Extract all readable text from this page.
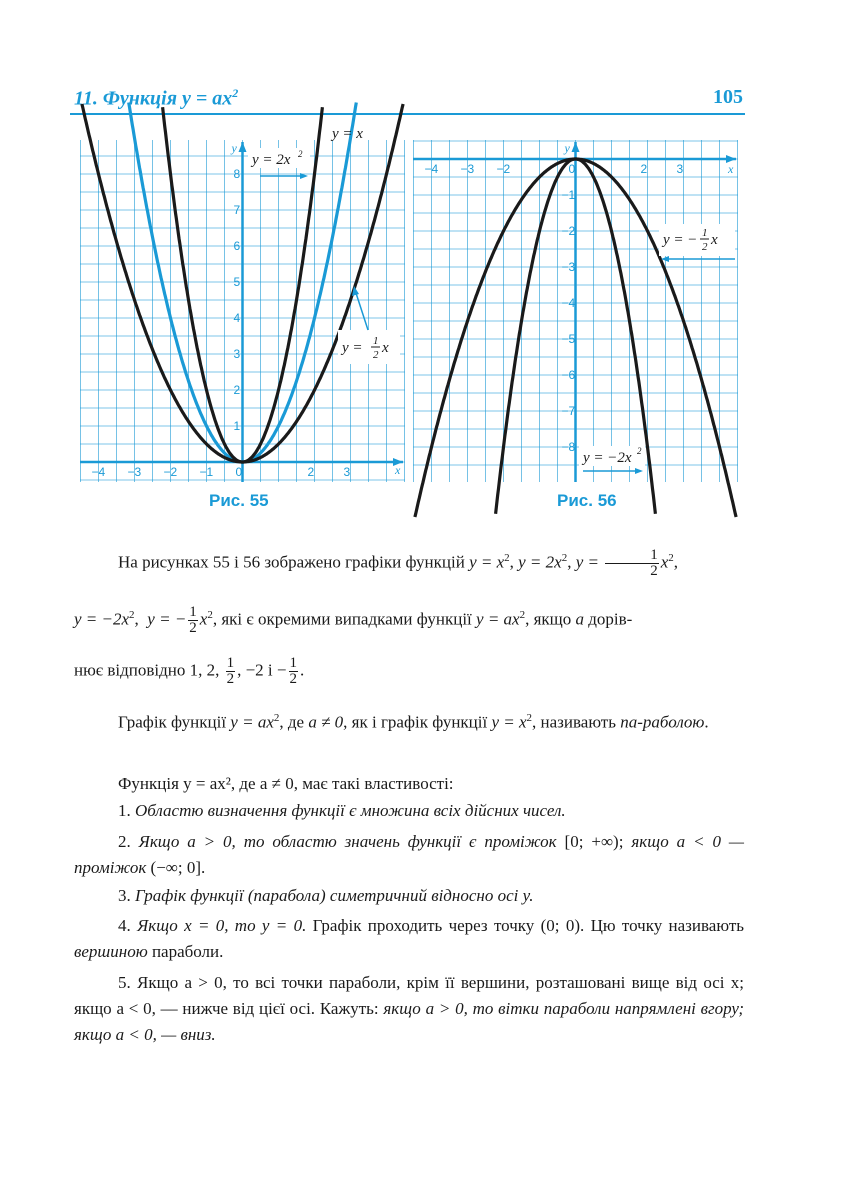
11. Функція $y = ax^2$	105
x
y
−4 −3 −2 −1 0	2 3
1
2
3
4
5
6
7
8
y = 2x 2
y = x
y = 1
2 x
x
y
−4 −3 −2	0	2 3
−1
−2
−3
−4
−5
−6
−7
−8
y = − 1
2 x
y = −2x 2
Рис. 55	Рис. 56
На рисунках 55 і 56 зображено графіки функцій $y = x^2$, $y = 2x^2$, $y = \frac{1}{2} x^2$,
$y = -2x^2$,  y = − $\frac{1}{2} x^2$, які є окремими випадками функції $y = ax^2$, якщо a дорів-
нює відповідно 1, 2, $\frac{1}{2}$ , −2 $і - \frac{1}{2}$ .
Графік функції $y = ax^2$, де a ≠ 0, як і графік функції $y = x^2$, називають па-раболою.
Функція y = ax², де a ≠ 0, має такі властивості:
1. Областю визначення функції є множина всіх дійсних чисел.
2. Якщо a > 0, то областю значень функції є проміжок [0; +∞); якщо a < 0 — проміжок (−∞; 0].
3. Графік функції (парабола) симетричний відносно осі y.
4. Якщо x = 0, то y = 0. Графік проходить через точку (0; 0). Цю точку називають вершиною параболи.
5. Якщо a > 0, то всі точки параболи, крім її вершини, розташовані вище від осі x; якщо a < 0, — нижче від цієї осі. Кажуть: якщо a > 0, то вітки параболи напрямлені вгору; якщо a < 0, — вниз.
